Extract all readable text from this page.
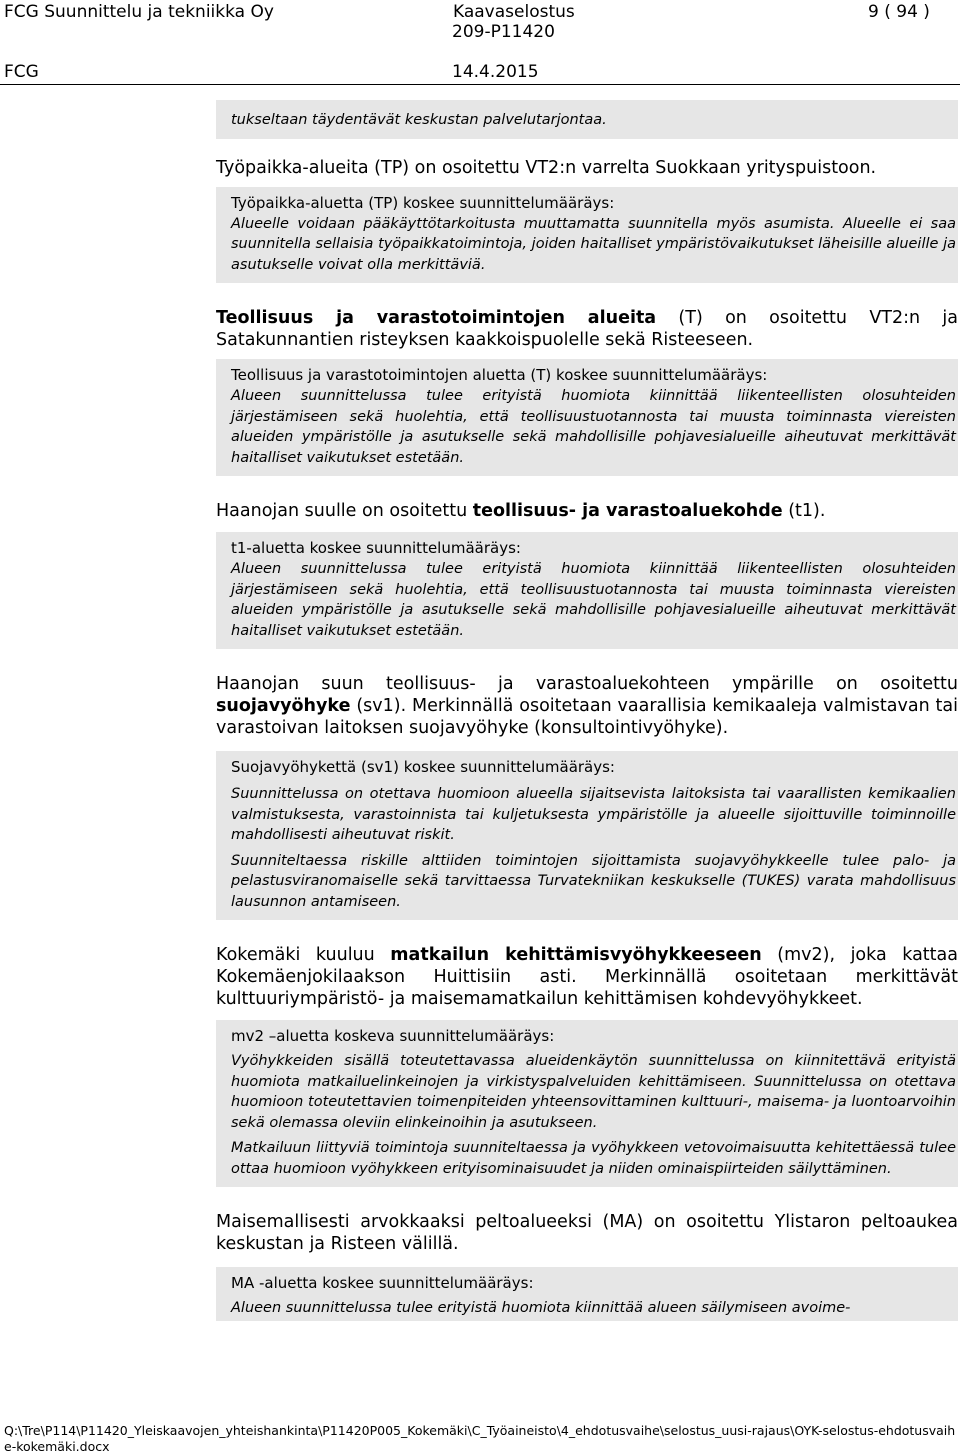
FCG Suunnittelu ja tekniikka Oy	Kaavaselostus	9 ( 94 )
209-P11420
FCG	14.4.2015
tukseltaan täydentävät keskustan palvelutarjontaa.
Työpaikka-alueita (TP) on osoitettu VT2:n varrelta Suokkaan yrityspuistoon.
Työpaikka-aluetta (TP) koskee suunnittelumääräys:
Alueelle voidaan pääkäyttötarkoitusta muuttamatta suunnitella myös asumista. Alueelle ei saa suunnitella sellaisia työpaikkatoimintoja, joiden haitalliset ympäristövaikutukset läheisille alueille ja asutukselle voivat olla merkittäviä.
Teollisuus ja varastotoimintojen alueita (T) on osoitettu VT2:n ja Satakunnantien risteyksen kaakkoispuolelle sekä Risteeseen.
Teollisuus ja varastotoimintojen aluetta (T) koskee suunnittelumääräys:
Alueen suunnittelussa tulee erityistä huomiota kiinnittää liikenteellisten olosuhteiden järjestämiseen sekä huolehtia, että teollisuustuotannosta tai muusta toiminnasta viereisten alueiden ympäristölle ja asutukselle sekä mahdollisille pohjavesialueille aiheutuvat merkittävät haitalliset vaikutukset estetään.
Haanojan suulle on osoitettu teollisuus- ja varastoaluekohde (t1).
t1-aluetta koskee suunnittelumääräys:
Alueen suunnittelussa tulee erityistä huomiota kiinnittää liikenteellisten olosuhteiden järjestämiseen sekä huolehtia, että teollisuustuotannosta tai muusta toiminnasta viereisten alueiden ympäristölle ja asutukselle sekä mahdollisille pohjavesialueille aiheutuvat merkittävät haitalliset vaikutukset estetään.
Haanojan suun teollisuus- ja varastoaluekohteen ympärille on osoitettu suojavyöhyke (sv1). Merkinnällä osoitetaan vaarallisia kemikaaleja valmistavan tai varastoivan laitoksen suojavyöhyke (konsultointivyöhyke).
Suojavyöhykettä (sv1) koskee suunnittelumääräys:
Suunnittelussa on otettava huomioon alueella sijaitsevista laitoksista tai vaarallisten kemikaalien valmistuksesta, varastoinnista tai kuljetuksesta ympäristölle ja alueelle sijoittuville toiminnoille mahdollisesti aiheutuvat riskit.
Suunniteltaessa riskille alttiiden toimintojen sijoittamista suojavyöhykkeelle tulee palo- ja pelastusviranomaiselle sekä tarvittaessa Turvatekniikan keskukselle (TUKES) varata mahdollisuus lausunnon antamiseen.
Kokemäki kuuluu matkailun kehittämisvyöhykkeeseen (mv2), joka kattaa Kokemäenjokilaakson Huittisiin asti. Merkinnällä osoitetaan merkittävät kulttuuriympäristö- ja maisemamatkailun kehittämisen kohdevyöhykkeet.
mv2 –aluetta koskeva suunnittelumääräys:
Vyöhykkeiden sisällä toteutettavassa alueidenkäytön suunnittelussa on kiinnitettävä erityistä huomiota matkailuelinkeinojen ja virkistyspalveluiden kehittämiseen. Suunnittelussa on otettava huomioon toteutettavien toimenpiteiden yhteensovittaminen kulttuuri-, maisema- ja luontoarvoihin sekä olemassa oleviin elinkeinoihin ja asutukseen.
Matkailuun liittyviä toimintoja suunniteltaessa ja vyöhykkeen vetovoimaisuutta kehitettäessä tulee ottaa huomioon vyöhykkeen erityisominaisuudet ja niiden ominaispiirteiden säilyttäminen.
Maisemallisesti arvokkaaksi peltoalueeksi (MA) on osoitettu Ylistaron peltoaukea keskustan ja Risteen välillä.
MA -aluetta koskee suunnittelumääräys:
Alueen suunnittelussa tulee erityistä huomiota kiinnittää alueen säilymiseen avoime-
Q:\Tre\P114\P11420_Yleiskaavojen_yhteishankinta\P11420P005_Kokemäki\C_Työaineisto\4_ehdotusvaihe\selostus_uusi-rajaus\OYK-selostus-ehdotusvaihe-kokemäki.docx
